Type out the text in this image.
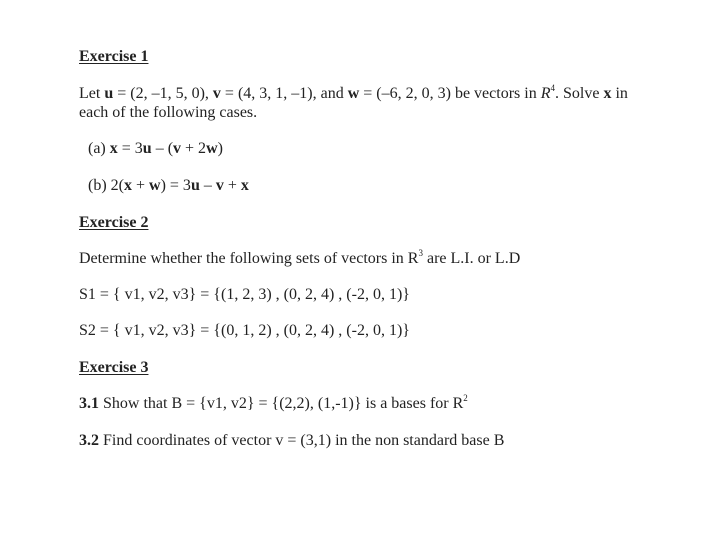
Exercise 1

Let u = (2, –1, 5, 0), v = (4, 3, 1, –1), and w = (–6, 2, 0, 3) be vectors in $R^4$. Solve x in
each of the following cases.

(a) x = 3u – (v + 2w)

(b) 2(x + w) = 3u – v + x

Exercise 2

Determine whether the following sets of vectors in $R^3$ are L.I. or L.D

S1 = { v1, v2, v3} = {(1, 2, 3) , (0, 2, 4) , (-2, 0, 1)}

S2 = { v1, v2, v3} = {(0, 1, 2) , (0, 2, 4) , (-2, 0, 1)}

Exercise 3

3.1 Show that B = {v1, v2} = {(2,2), (1,-1)} is a bases for $R^2$

3.2 Find coordinates of vector v = (3,1) in the non standard base B
